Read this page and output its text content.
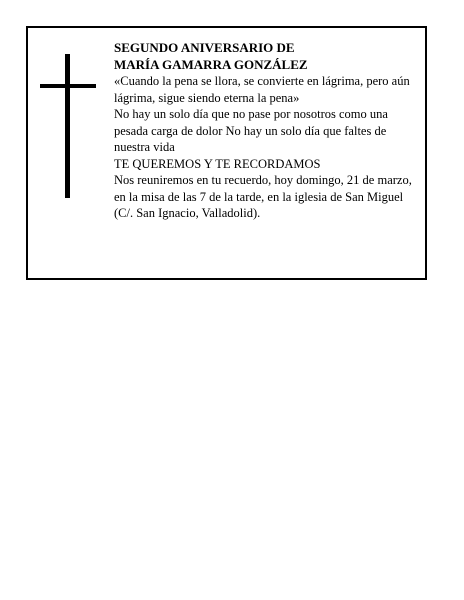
SEGUNDO ANIVERSARIO DE
MARÍA GAMARRA GONZÁLEZ

«Cuando la pena se llora, se convierte en lágrima, pero aún lágrima, sigue siendo eterna la pena»

No hay un solo día que no pase por nosotros como una pesada carga de dolor No hay un solo día que faltes de nuestra vida

TE QUEREMOS Y TE RECORDAMOS

Nos reuniremos en tu recuerdo, hoy domingo, 21 de marzo, en la misa de las 7 de la tarde, en la iglesia de San Miguel (C/. San Ignacio, Valladolid).
